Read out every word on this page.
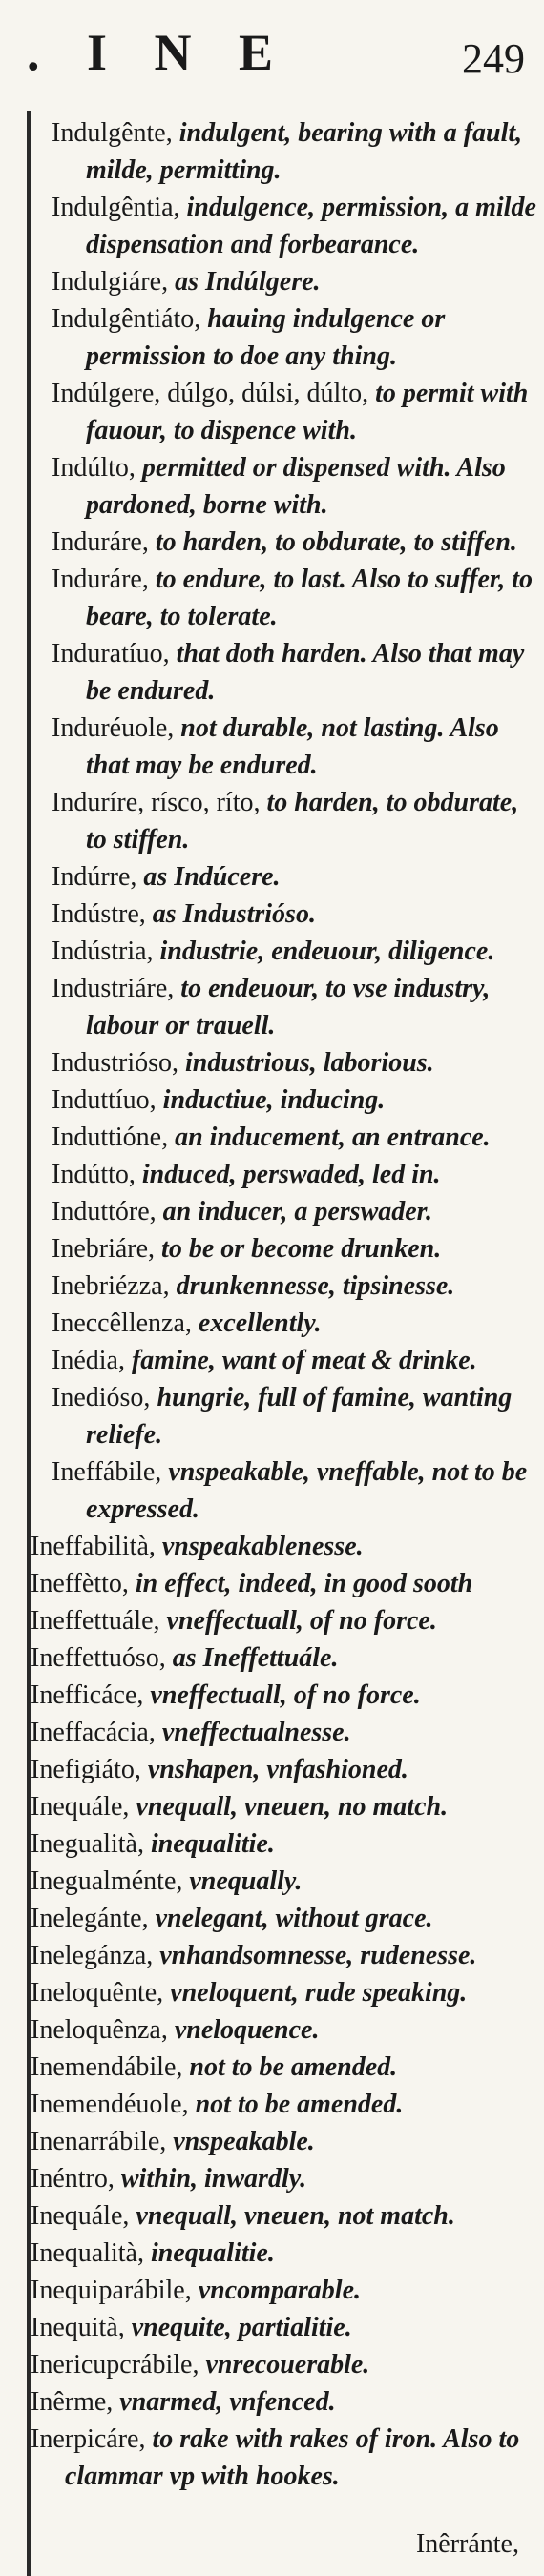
. I N E	249

Indulgênte, indulgent, bearing with a fault, milde, permitting.

Indulgêntia, indulgence, permission, a milde dispensation and forbearance.

Indulgiáre, as Indúlgere.

Indulgêntiáto, hauing indulgence or permission to doe any thing.

Indúlgere, dúlgo, dúlsi, dúlto, to permit with fauour, to dispence with.

Indúlto, permitted or dispensed with. Also pardoned, borne with.

Induráre, to harden, to obdurate, to stiffen.

Induráre, to endure, to last. Also to suffer, to beare, to tolerate.

Induratíuo, that doth harden. Also that may be endured.

Induréuole, not durable, not lasting. Also that may be endured.

Induríre, rísco, ríto, to harden, to obdurate, to stiffen.

Indúrre, as Indúcere.

Indústre, as Industrióso.

Indústria, industrie, endeuour, diligence.

Industriáre, to endeuour, to vse industry, labour or trauell.

Industrióso, industrious, laborious.

Induttíuo, inductiue, inducing.

Induttióne, an inducement, an entrance.

Indútto, induced, perswaded, led in.

Induttóre, an inducer, a perswader.

Inebriáre, to be or become drunken.

Inebriézza, drunkennesse, tipsinesse.

Ineccêllenza, excellently.

Inédia, famine, want of meat & drinke.

Inedióso, hungrie, full of famine, wanting reliefe.

Ineffábile, vnspeakable, vneffable, not to be expressed.

Ineffabilità, vnspeakablenesse.

Ineffètto, in effect, indeed, in good sooth

Ineffettuále, vneffectuall, of no force.

Ineffettuóso, as Ineffettuále.

Inefficáce, vneffectuall, of no force.

Ineffacácia, vneffectualnesse.

Inefigiáto, vnshapen, vnfashioned.

Inequále, vnequall, vneuen, no match.

Inegualità, inequalitie.

Inegualménte, vnequally.

Inelegánte, vnelegant, without grace.

Inelegánza, vnhandsomnesse, rudenesse.

Ineloquênte, vneloquent, rude speaking.

Ineloquênza, vneloquence.

Inemendábile, not to be amended.

Inemendéuole, not to be amended.

Inenarrábile, vnspeakable.

Inéntro, within, inwardly.

Inequále, vnequall, vneuen, not match.

Inequalità, inequalitie.

Inequiparábile, vncomparable.

Inequità, vnequite, partialitie.

Inericupcrábile, vnrecouerable.

Inêrme, vnarmed, vnfenced.

Inerpicáre, to rake with rakes of iron. Also to clammar vp with hookes.

Inêrránte,
